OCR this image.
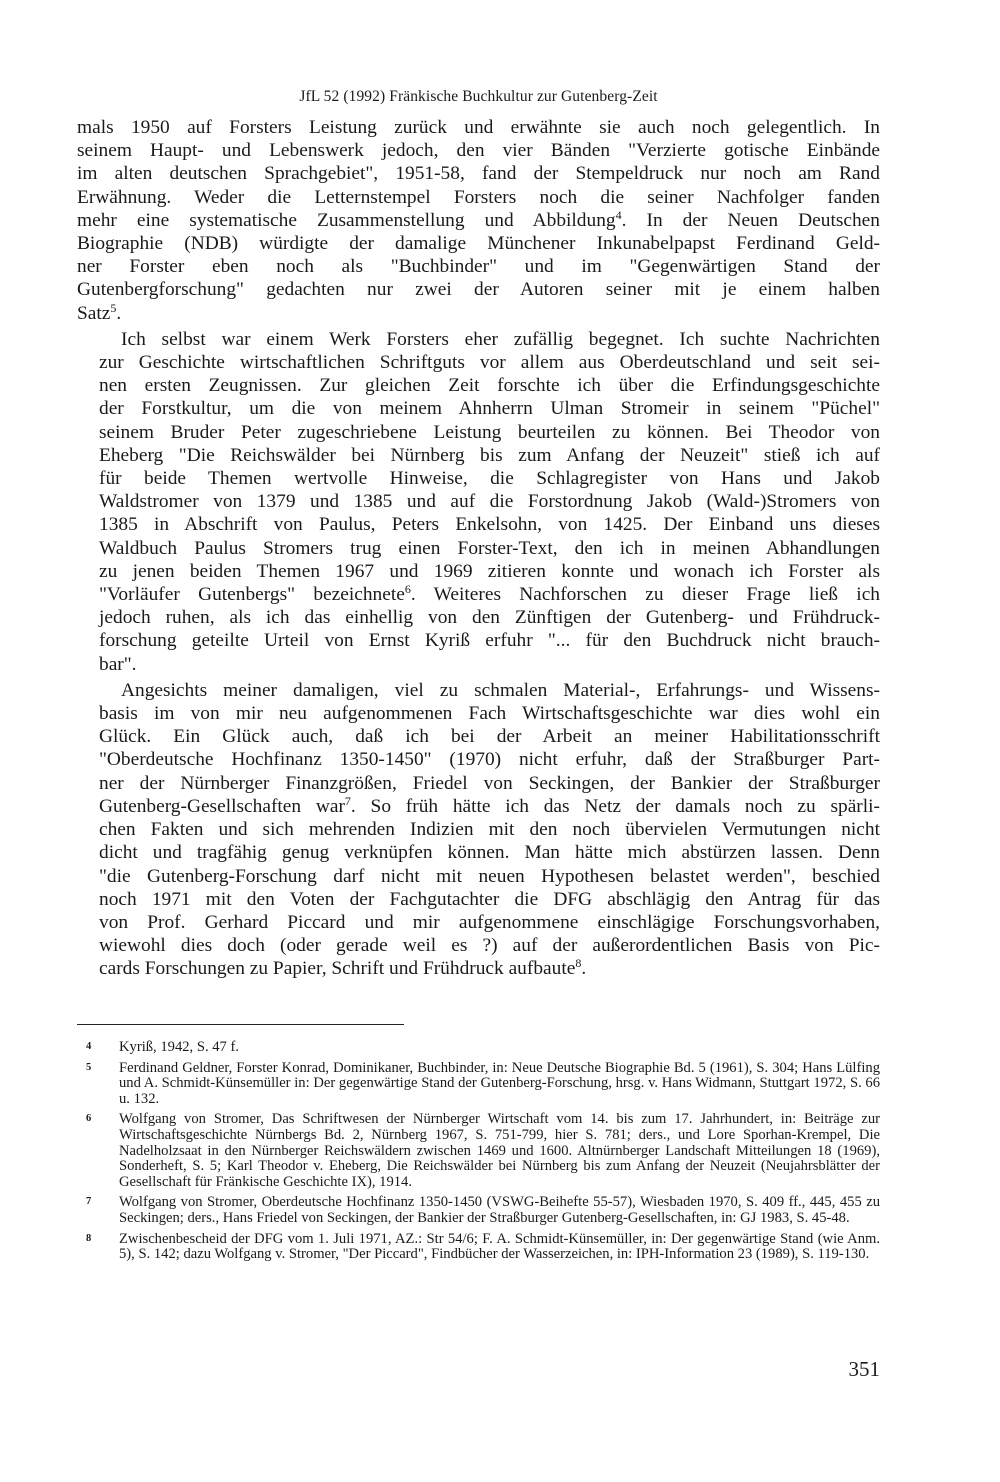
JfL 52 (1992) Fränkische Buchkultur zur Gutenberg-Zeit
mals 1950 auf Forsters Leistung zurück und erwähnte sie auch noch gelegentlich. In
seinem Haupt- und Lebenswerk jedoch, den vier Bänden "Verzierte gotische Einbände
im alten deutschen Sprachgebiet", 1951-58, fand der Stempeldruck nur noch am Rand
Erwähnung. Weder die Letternstempel Forsters noch die seiner Nachfolger fanden
mehr eine systematische Zusammenstellung und Abbildung$^4$. In der Neuen Deutschen
Biographie (NDB) würdigte der damalige Münchener Inkunabelpapst Ferdinand Geld-
ner Forster eben noch als "Buchbinder" und im "Gegenwärtigen Stand der
Gutenbergforschung" gedachten nur zwei der Autoren seiner mit je einem halben
Satz$^5$.
Ich selbst war einem Werk Forsters eher zufällig begegnet. Ich suchte Nachrichten
zur Geschichte wirtschaftlichen Schriftguts vor allem aus Oberdeutschland und seit sei-
nen ersten Zeugnissen. Zur gleichen Zeit forschte ich über die Erfindungsgeschichte
der Forstkultur, um die von meinem Ahnherrn Ulman Stromeir in seinem "Püchel"
seinem Bruder Peter zugeschriebene Leistung beurteilen zu können. Bei Theodor von
Eheberg "Die Reichswälder bei Nürnberg bis zum Anfang der Neuzeit" stieß ich auf
für beide Themen wertvolle Hinweise, die Schlagregister von Hans und Jakob
Waldstromer von 1379 und 1385 und auf die Forstordnung Jakob (Wald-)Stromers von
1385 in Abschrift von Paulus, Peters Enkelsohn, von 1425. Der Einband uns dieses
Waldbuch Paulus Stromers trug einen Forster-Text, den ich in meinen Abhandlungen
zu jenen beiden Themen 1967 und 1969 zitieren konnte und wonach ich Forster als
"Vorläufer Gutenbergs" bezeichnete$^6$. Weiteres Nachforschen zu dieser Frage ließ ich
jedoch ruhen, als ich das einhellig von den Zünftigen der Gutenberg- und Frühdruck-
forschung geteilte Urteil von Ernst Kyriß erfuhr "... für den Buchdruck nicht brauch-
bar".
Angesichts meiner damaligen, viel zu schmalen Material-, Erfahrungs- und Wissens-
basis im von mir neu aufgenommenen Fach Wirtschaftsgeschichte war dies wohl ein
Glück. Ein Glück auch, daß ich bei der Arbeit an meiner Habilitationsschrift
"Oberdeutsche Hochfinanz 1350-1450" (1970) nicht erfuhr, daß der Straßburger Part-
ner der Nürnberger Finanzgrößen, Friedel von Seckingen, der Bankier der Straßburger
Gutenberg-Gesellschaften war$^7$. So früh hätte ich das Netz der damals noch zu spärli-
chen Fakten und sich mehrenden Indizien mit den noch übervielen Vermutungen nicht
dicht und tragfähig genug verknüpfen können. Man hätte mich abstürzen lassen. Denn
"die Gutenberg-Forschung darf nicht mit neuen Hypothesen belastet werden", beschied
noch 1971 mit den Voten der Fachgutachter die DFG abschlägig den Antrag für das
von Prof. Gerhard Piccard und mir aufgenommene einschlägige Forschungsvorhaben,
wiewohl dies doch (oder gerade weil es ?) auf der außerordentlichen Basis von Pic-
cards Forschungen zu Papier, Schrift und Frühdruck aufbaute$^8$.
4 Kyriß, 1942, S. 47 f.
5 Ferdinand Geldner, Forster Konrad, Dominikaner, Buchbinder, in: Neue Deutsche Biographie Bd. 5 (1961), S. 304; Hans Lülfing und A. Schmidt-Künsemüller in: Der gegenwärtige Stand der Gutenberg-Forschung, hrsg. v. Hans Widmann, Stuttgart 1972, S. 66 u. 132.
6 Wolfgang von Stromer, Das Schriftwesen der Nürnberger Wirtschaft vom 14. bis zum 17. Jahrhundert, in: Beiträge zur Wirtschaftsgeschichte Nürnbergs Bd. 2, Nürnberg 1967, S. 751-799, hier S. 781; ders., und Lore Sporhan-Krempel, Die Nadelholzsaat in den Nürnberger Reichswäldern zwischen 1469 und 1600. Altnürnberger Landschaft Mitteilungen 18 (1969), Sonderheft, S. 5; Karl Theodor v. Eheberg, Die Reichswälder bei Nürnberg bis zum Anfang der Neuzeit (Neujahrsblätter der Gesellschaft für Fränkische Geschichte IX), 1914.
7 Wolfgang von Stromer, Oberdeutsche Hochfinanz 1350-1450 (VSWG-Beihefte 55-57), Wiesbaden 1970, S. 409 ff., 445, 455 zu Seckingen; ders., Hans Friedel von Seckingen, der Bankier der Straßburger Gutenberg-Gesellschaften, in: GJ 1983, S. 45-48.
8 Zwischenbescheid der DFG vom 1. Juli 1971, AZ.: Str 54/6; F. A. Schmidt-Künsemüller, in: Der gegenwärtige Stand (wie Anm. 5), S. 142; dazu Wolfgang v. Stromer, "Der Piccard", Findbücher der Wasserzeichen, in: IPH-Information 23 (1989), S. 119-130.
351
